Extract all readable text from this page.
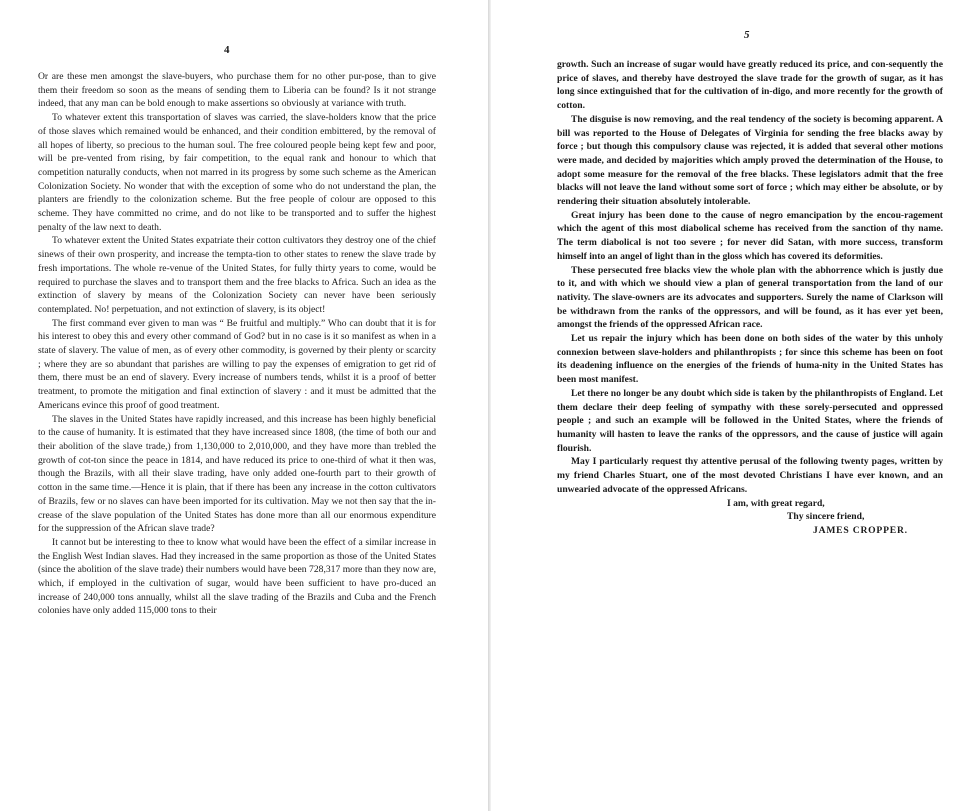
4

Or are these men amongst the slave-buyers, who purchase them for no other pur-pose, than to give them their freedom so soon as the means of sending them to Liberia can be found? Is it not strange indeed, that any man can be bold enough to make assertions so obviously at variance with truth.

To whatever extent this transportation of slaves was carried, the slave-holders know that the price of those slaves which remained would be enhanced, and their condition embittered, by the removal of all hopes of liberty, so precious to the human soul. The free coloured people being kept few and poor, will be pre-vented from rising, by fair competition, to the equal rank and honour to which that competition naturally conducts, when not marred in its progress by some such scheme as the American Colonization Society. No wonder that with the exception of some who do not understand the plan, the planters are friendly to the colonization scheme. But the free people of colour are opposed to this scheme. They have committed no crime, and do not like to be transported and to suffer the highest penalty of the law next to death.

To whatever extent the United States expatriate their cotton cultivators they destroy one of the chief sinews of their own prosperity, and increase the tempta-tion to other states to renew the slave trade by fresh importations. The whole re-venue of the United States, for fully thirty years to come, would be required to purchase the slaves and to transport them and the free blacks to Africa. Such an idea as the extinction of slavery by means of the Colonization Society can never have been seriously contemplated. No! perpetuation, and not extinction of slavery, is its object!

The first command ever given to man was “ Be fruitful and multiply.” Who can doubt that it is for his interest to obey this and every other command of God? but in no case is it so manifest as when in a state of slavery. The value of men, as of every other commodity, is governed by their plenty or scarcity ; where they are so abundant that parishes are willing to pay the expenses of emigration to get rid of them, there must be an end of slavery. Every increase of numbers tends, whilst it is a proof of better treatment, to promote the mitigation and final extinction of slavery : and it must be admitted that the Americans evince this proof of good treatment.

The slaves in the United States have rapidly increased, and this increase has been highly beneficial to the cause of humanity. It is estimated that they have increased since 1808, (the time of both our and their abolition of the slave trade,) from 1,130,000 to 2,010,000, and they have more than trebled the growth of cot-ton since the peace in 1814, and have reduced its price to one-third of what it then was, though the Brazils, with all their slave trading, have only added one-fourth part to their growth of cotton in the same time.—Hence it is plain, that if there has been any increase in the cotton cultivators of Brazils, few or no slaves can have been imported for its cultivation. May we not then say that the in-crease of the slave population of the United States has done more than all our enormous expenditure for the suppression of the African slave trade?

It cannot but be interesting to thee to know what would have been the effect of a similar increase in the English West Indian slaves. Had they increased in the same proportion as those of the United States (since the abolition of the slave trade) their numbers would have been 728,317 more than they now are, which, if employed in the cultivation of sugar, would have been sufficient to have pro-duced an increase of 240,000 tons annually, whilst all the slave trading of the Brazils and Cuba and the French colonies have only added 115,000 tons to their

5

growth. Such an increase of sugar would have greatly reduced its price, and con-sequently the price of slaves, and thereby have destroyed the slave trade for the growth of sugar, as it has long since extinguished that for the cultivation of in-digo, and more recently for the growth of cotton.

The disguise is now removing, and the real tendency of the society is becoming apparent. A bill was reported to the House of Delegates of Virginia for sending the free blacks away by force ; but though this compulsory clause was rejected, it is added that several other motions were made, and decided by majorities which amply proved the determination of the House, to adopt some measure for the removal of the free blacks. These legislators admit that the free blacks will not leave the land without some sort of force ; which may either be absolute, or by rendering their situation absolutely intolerable.

Great injury has been done to the cause of negro emancipation by the encou-ragement which the agent of this most diabolical scheme has received from the sanction of thy name. The term diabolical is not too severe ; for never did Satan, with more success, transform himself into an angel of light than in the gloss which has covered its deformities.

These persecuted free blacks view the whole plan with the abhorrence which is justly due to it, and with which we should view a plan of general transportation from the land of our nativity. The slave-owners are its advocates and supporters. Surely the name of Clarkson will be withdrawn from the ranks of the oppressors, and will be found, as it has ever yet been, amongst the friends of the oppressed African race.

Let us repair the injury which has been done on both sides of the water by this unholy connexion between slave-holders and philanthropists ; for since this scheme has been on foot its deadening influence on the energies of the friends of huma-nity in the United States has been most manifest.

Let there no longer be any doubt which side is taken by the philanthropists of England. Let them declare their deep feeling of sympathy with these sorely-persecuted and oppressed people ; and such an example will be followed in the United States, where the friends of humanity will hasten to leave the ranks of the oppressors, and the cause of justice will again flourish.

May I particularly request thy attentive perusal of the following twenty pages, written by my friend Charles Stuart, one of the most devoted Christians I have ever known, and an unwearied advocate of the oppressed Africans.

I am, with great regard,
Thy sincere friend,
JAMES CROPPER.
